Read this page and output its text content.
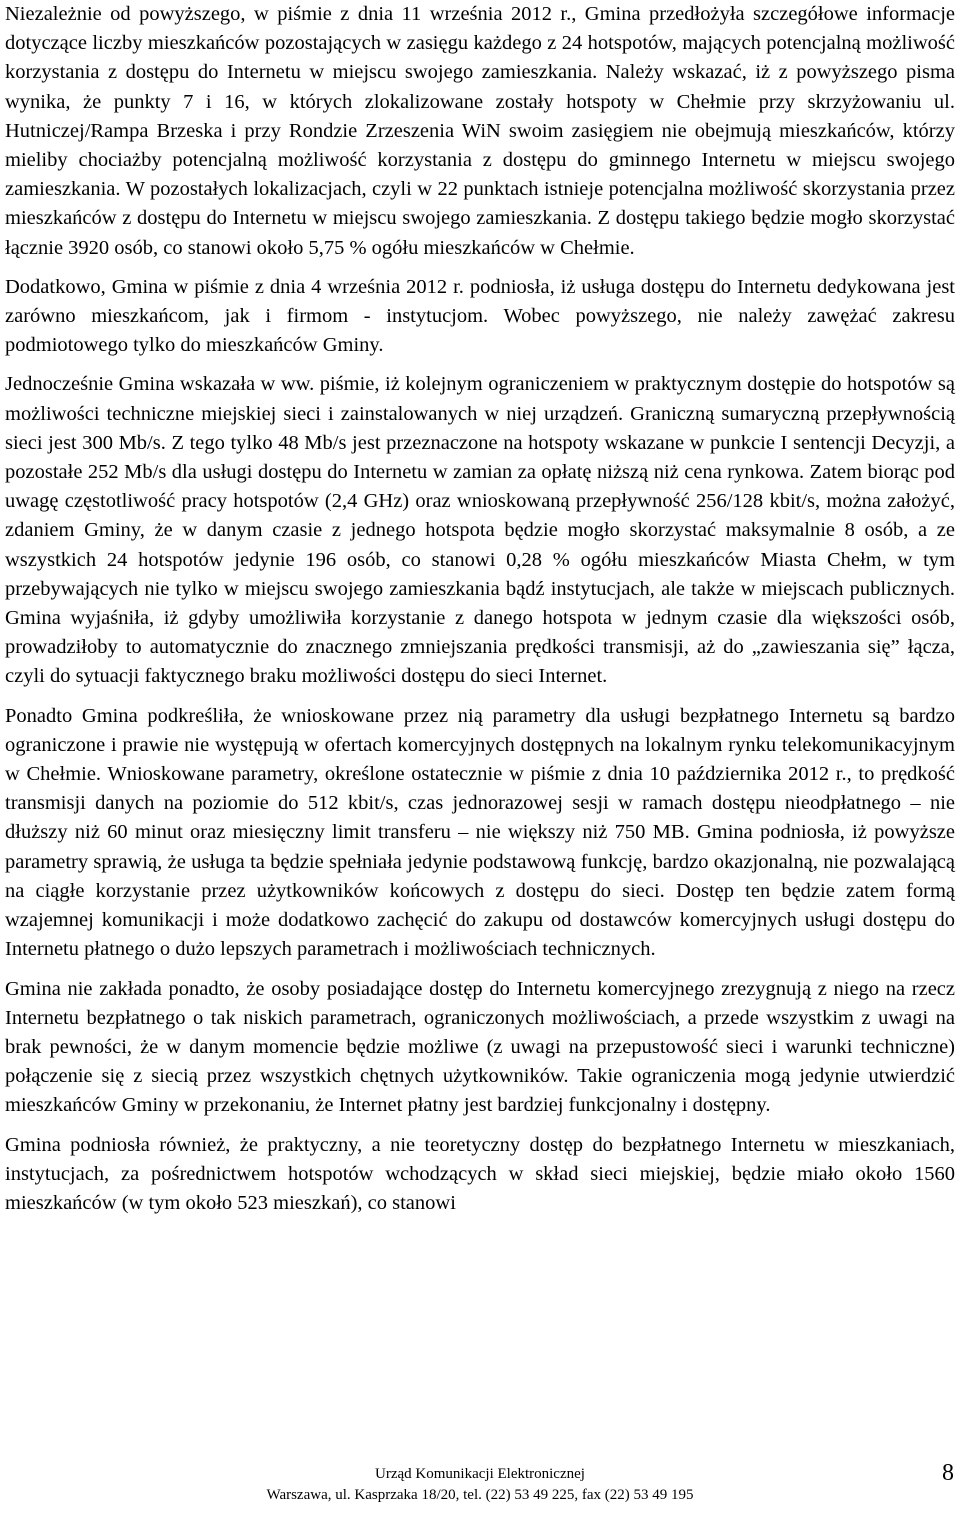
Niezależnie od powyższego, w piśmie z dnia 11 września 2012 r., Gmina przedłożyła szczegółowe informacje dotyczące liczby mieszkańców pozostających w zasięgu każdego z 24 hotspotów, mających potencjalną możliwość korzystania z dostępu do Internetu w miejscu swojego zamieszkania. Należy wskazać, iż z powyższego pisma wynika, że punkty 7 i 16, w których zlokalizowane zostały hotspoty w Chełmie przy skrzyżowaniu ul. Hutniczej/Rampa Brzeska i przy Rondzie Zrzeszenia WiN swoim zasięgiem nie obejmują mieszkańców, którzy mieliby chociażby potencjalną możliwość korzystania z dostępu do gminnego Internetu w miejscu swojego zamieszkania. W pozostałych lokalizacjach, czyli w 22 punktach istnieje potencjalna możliwość skorzystania przez mieszkańców z dostępu do Internetu w miejscu swojego zamieszkania. Z dostępu takiego będzie mogło skorzystać łącznie 3920 osób, co stanowi około 5,75 % ogółu mieszkańców w Chełmie.

Dodatkowo, Gmina w piśmie z dnia 4 września 2012 r. podniosła, iż usługa dostępu do Internetu dedykowana jest zarówno mieszkańcom, jak i firmom - instytucjom. Wobec powyższego, nie należy zawężać zakresu podmiotowego tylko do mieszkańców Gminy.

Jednocześnie Gmina wskazała w ww. piśmie, iż kolejnym ograniczeniem w praktycznym dostępie do hotspotów są możliwości techniczne miejskiej sieci i zainstalowanych w niej urządzeń. Graniczną sumaryczną przepływnością sieci jest 300 Mb/s. Z tego tylko 48 Mb/s jest przeznaczone na hotspoty wskazane w punkcie I sentencji Decyzji, a pozostałe 252 Mb/s dla usługi dostępu do Internetu w zamian za opłatę niższą niż cena rynkowa. Zatem biorąc pod uwagę częstotliwość pracy hotspotów (2,4 GHz) oraz wnioskowaną przepływność 256/128 kbit/s, można założyć, zdaniem Gminy, że w danym czasie z jednego hotspota będzie mogło skorzystać maksymalnie 8 osób, a ze wszystkich 24 hotspotów jedynie 196 osób, co stanowi 0,28 % ogółu mieszkańców Miasta Chełm, w tym przebywających nie tylko w miejscu swojego zamieszkania bądź instytucjach, ale także w miejscach publicznych. Gmina wyjaśniła, iż gdyby umożliwiła korzystanie z danego hotspota w jednym czasie dla większości osób, prowadziłoby to automatycznie do znacznego zmniejszania prędkości transmisji, aż do „zawieszania się” łącza, czyli do sytuacji faktycznego braku możliwości dostępu do sieci Internet.

Ponadto Gmina podkreśliła, że wnioskowane przez nią parametry dla usługi bezpłatnego Internetu są bardzo ograniczone i prawie nie występują w ofertach komercyjnych dostępnych na lokalnym rynku telekomunikacyjnym w Chełmie. Wnioskowane parametry, określone ostatecznie w piśmie z dnia 10 października 2012 r., to prędkość transmisji danych na poziomie do 512 kbit/s, czas jednorazowej sesji w ramach dostępu nieodpłatnego – nie dłuższy niż 60 minut oraz miesięczny limit transferu – nie większy niż 750 MB. Gmina podniosła, iż powyższe parametry sprawią, że usługa ta będzie spełniała jedynie podstawową funkcję, bardzo okazjonalną, nie pozwalającą na ciągłe korzystanie przez użytkowników końcowych z dostępu do sieci. Dostęp ten będzie zatem formą wzajemnej komunikacji i może dodatkowo zachęcić do zakupu od dostawców komercyjnych usługi dostępu do Internetu płatnego o dużo lepszych parametrach i możliwościach technicznych.

Gmina nie zakłada ponadto, że osoby posiadające dostęp do Internetu komercyjnego zrezygnują z niego na rzecz Internetu bezpłatnego o tak niskich parametrach, ograniczonych możliwościach, a przede wszystkim z uwagi na brak pewności, że w danym momencie będzie możliwe (z uwagi na przepustowość sieci i warunki techniczne) połączenie się z siecią przez wszystkich chętnych użytkowników. Takie ograniczenia mogą jedynie utwierdzić mieszkańców Gminy w przekonaniu, że Internet płatny jest bardziej funkcjonalny i dostępny.

Gmina podniosła również, że praktyczny, a nie teoretyczny dostęp do bezpłatnego Internetu w mieszkaniach, instytucjach, za pośrednictwem hotspotów wchodzących w skład sieci miejskiej, będzie miało około 1560 mieszkańców (w tym około 523 mieszkań), co stanowi

Urząd Komunikacji Elektronicznej
Warszawa, ul. Kasprzaka 18/20, tel. (22) 53 49 225, fax (22) 53 49 195
8
